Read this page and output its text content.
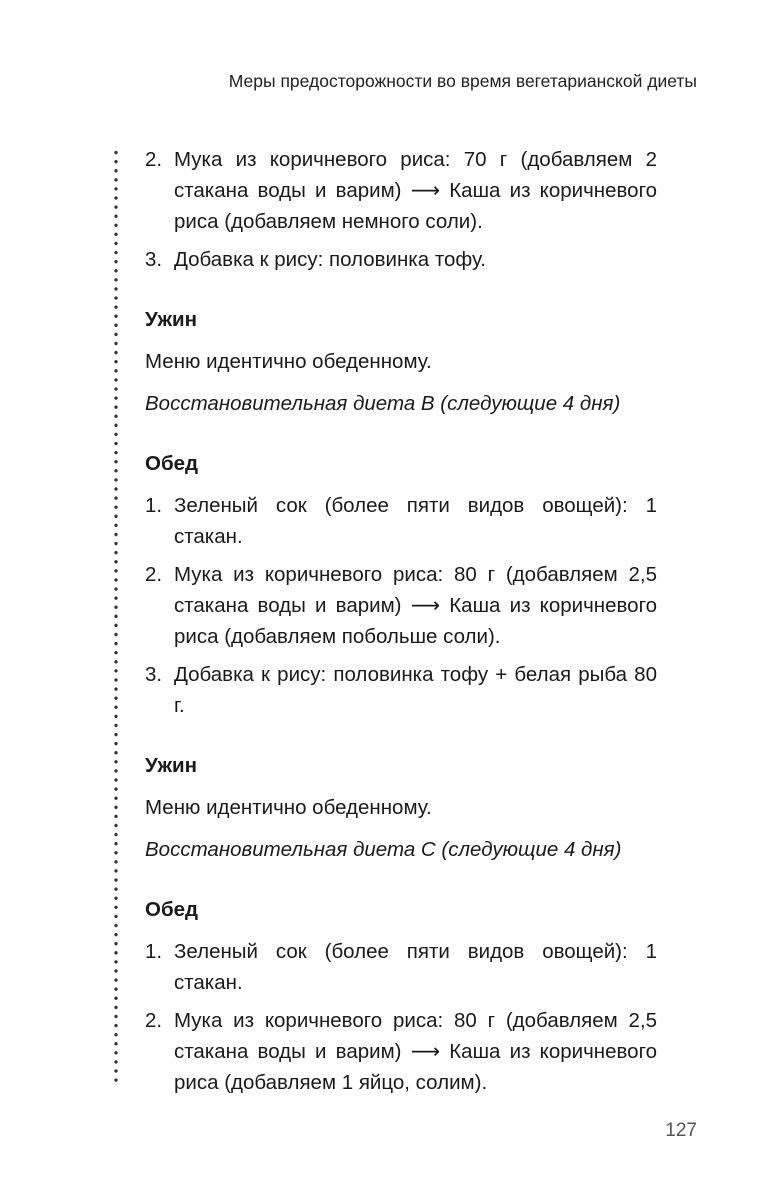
Меры предосторожности во время вегетарианской диеты
2. Мука из коричневого риса: 70 г (добавляем 2 стакана воды и варим) ⟶ Каша из коричневого риса (добавляем немного соли).
3. Добавка к рису: половинка тофу.
Ужин

Меню идентично обеденному.

Восстановительная диета B (следующие 4 дня)

Обед
1. Зеленый сок (более пяти видов овощей): 1 стакан.
2. Мука из коричневого риса: 80 г (добавляем 2,5 стакана воды и варим) ⟶ Каша из коричневого риса (добавляем побольше соли).
3. Добавка к рису: половинка тофу + белая рыба 80 г.
Ужин

Меню идентично обеденному.

Восстановительная диета C (следующие 4 дня)

Обед
1. Зеленый сок (более пяти видов овощей): 1 стакан.
2. Мука из коричневого риса: 80 г (добавляем 2,5 стакана воды и варим) ⟶ Каша из коричневого риса (добавляем 1 яйцо, солим).
127
